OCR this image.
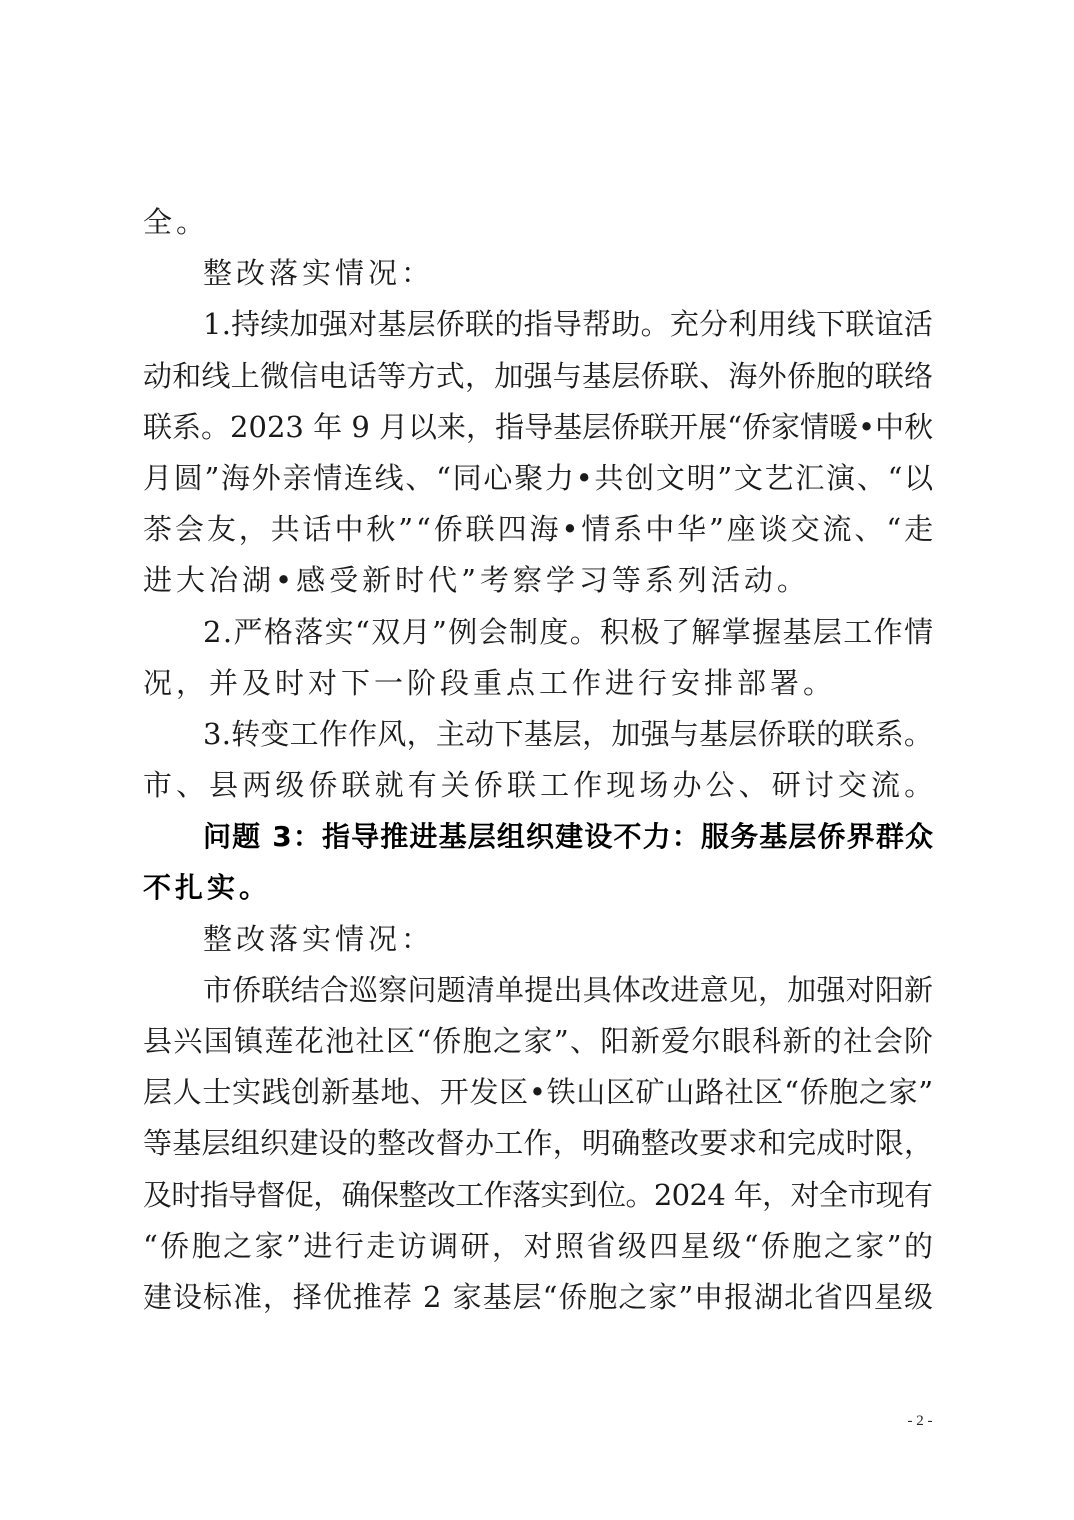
全。
整改落实情况：
1.持续加强对基层侨联的指导帮助。充分利用线下联谊活
动和线上微信电话等方式，加强与基层侨联、海外侨胞的联络
联系。2023 年 9 月以来，指导基层侨联开展“侨家情暖•中秋
月圆”海外亲情连线、“同心聚力•共创文明”文艺汇演、“以
茶会友，共话中秋”“侨联四海•情系中华”座谈交流、“走
进大冶湖•感受新时代”考察学习等系列活动。
2.严格落实“双月”例会制度。积极了解掌握基层工作情
况，并及时对下一阶段重点工作进行安排部署。
3.转变工作作风，主动下基层，加强与基层侨联的联系。
市、县两级侨联就有关侨联工作现场办公、研讨交流。
问题 3：指导推进基层组织建设不力：服务基层侨界群众
不扎实。
整改落实情况：
市侨联结合巡察问题清单提出具体改进意见，加强对阳新
县兴国镇莲花池社区“侨胞之家”、阳新爱尔眼科新的社会阶
层人士实践创新基地、开发区•铁山区矿山路社区“侨胞之家”
等基层组织建设的整改督办工作，明确整改要求和完成时限，
及时指导督促，确保整改工作落实到位。2024 年，对全市现有
“侨胞之家”进行走访调研，对照省级四星级“侨胞之家”的
建设标准，择优推荐 2 家基层“侨胞之家”申报湖北省四星级
- 2 -
